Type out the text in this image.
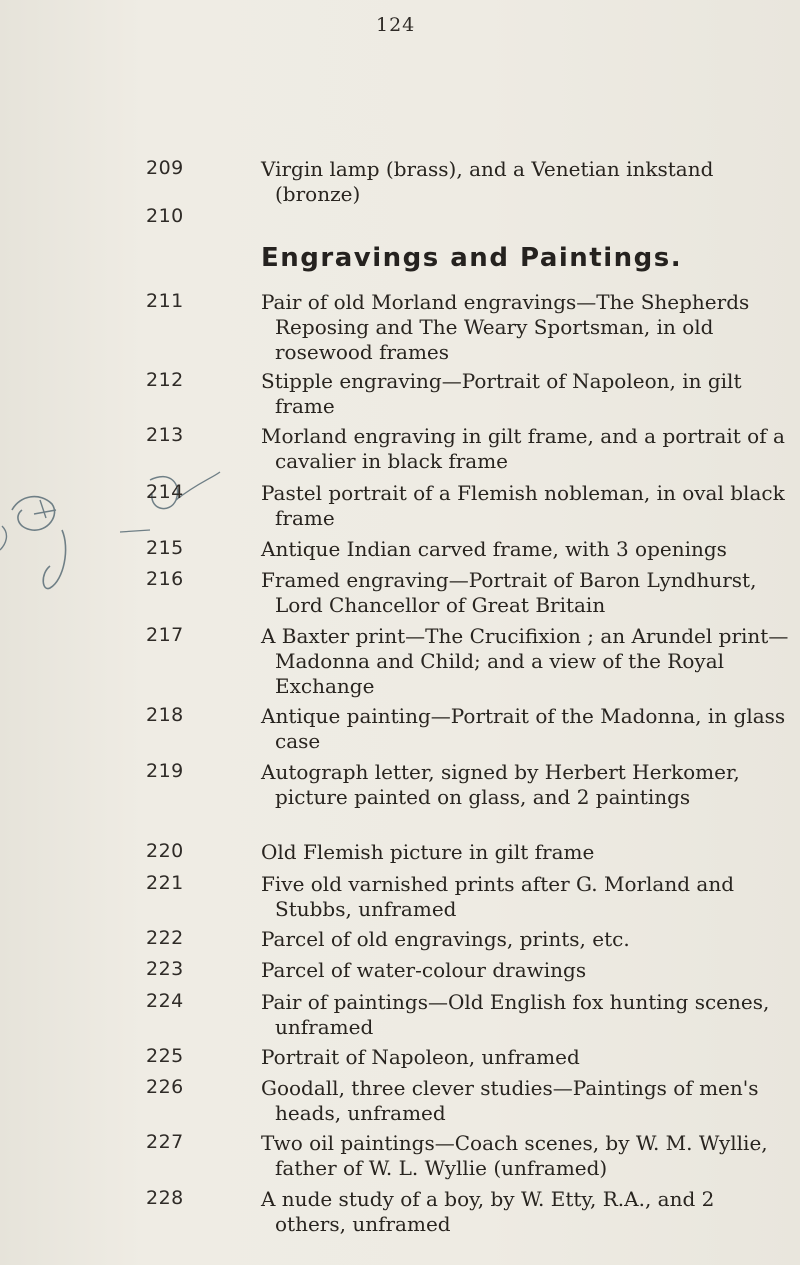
124
209	Virgin lamp (brass), and a Venetian inkstand (bronze)
210
Engravings and Paintings.
211	Pair of old Morland engravings—The Shepherds Reposing and The Weary Sportsman, in old rosewood frames
212	Stipple engraving—Portrait of Napoleon, in gilt frame
213	Morland engraving in gilt frame, and a portrait of a cavalier in black frame
214	Pastel portrait of a Flemish nobleman, in oval black frame
215	Antique Indian carved frame, with 3 openings
216	Framed engraving—Portrait of Baron Lyndhurst, Lord Chancellor of Great Britain
217	A Baxter print—The Crucifixion ; an Arundel print—Madonna and Child; and a view of the Royal Exchange
218	Antique painting—Portrait of the Madonna, in glass case
219	Autograph letter, signed by Herbert Herkomer, picture painted on glass, and 2 paintings
220	Old Flemish picture in gilt frame
221	Five old varnished prints after G. Morland and Stubbs, unframed
222	Parcel of old engravings, prints, etc.
223	Parcel of water-colour drawings
224	Pair of paintings—Old English fox hunting scenes, unframed
225	Portrait of Napoleon, unframed
226	Goodall, three clever studies—Paintings of men's heads, unframed
227	Two oil paintings—Coach scenes, by W. M. Wyllie, father of W. L. Wyllie (unframed)
228	A nude study of a boy, by W. Etty, R.A., and 2 others, unframed
